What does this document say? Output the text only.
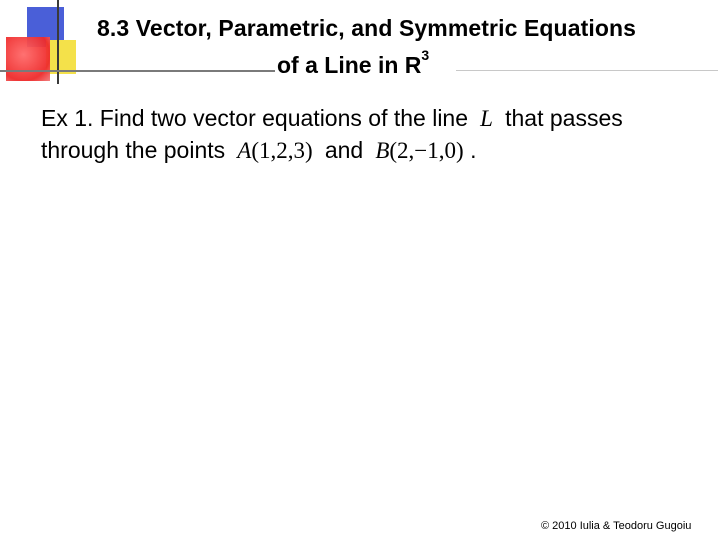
8.3 Vector, Parametric, and Symmetric Equations
of a Line in $R^3$
Ex 1. Find two vector equations of the line L that passes
through the points A(1,2,3) and B(2,−1,0) .
© 2010 Iulia & Teodoru Gugoiu
